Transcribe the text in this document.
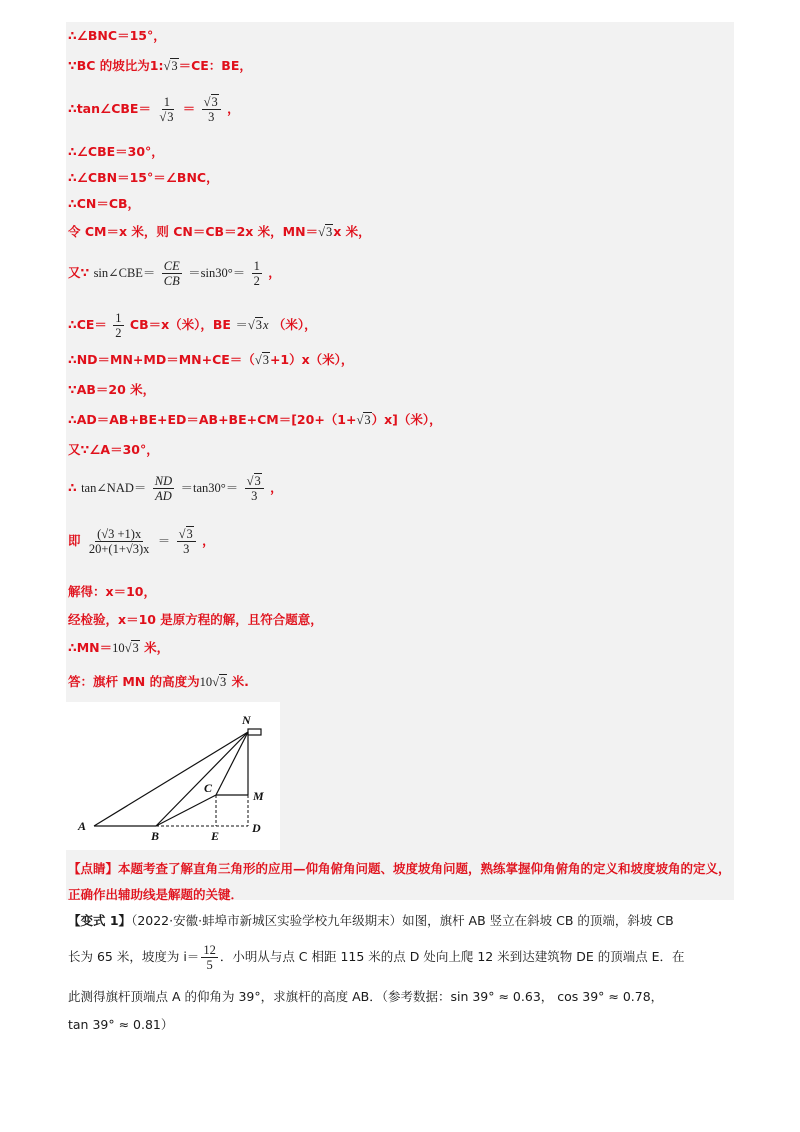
∴∠BNC＝15°，
∵BC 的坡比为1:√3＝CE：BE，
∴tan∠CBE＝ $\frac{1}{√3} = \frac{√3}{3}$ ，
∴∠CBE＝30°，
∴∠CBN＝15°＝∠BNC，
∴CN＝CB，
令 CM＝x 米，则 CN＝CB＝2x 米，MN＝√3x 米，
又∵ sin∠CBE＝ $\frac{CE}{CB} =\sin 30^\circ= \frac{1}{2}$ ，
∴CE＝ $\frac{1}{2} CB=x$（米），BE ＝√3x （米），
∴ND＝MN+MD＝MN+CE＝（√3+1）x（米），
∵AB＝20 米，
∴AD＝AB+BE+ED＝AB+BE+CM＝[20+（1+√3）x]（米），
又∵∠A＝30°，
∴ tan∠NAD＝ $\frac{ND}{AD} =\tan 30^\circ= \frac{√3}{3}$ ，
即 $\frac{(√3 +1)x}{20+(1+√3)x} = \frac{√3}{3}$ ，
解得：x＝10，
经检验，x＝10 是原方程的解，且符合题意，
∴MN＝10√3 米，
答：旗杆 MN 的高度为10√3 米.
N
C
M
A
B	E
D
【点睛】本题考查了解直角三角形的应用—仰角俯角问题、坡度坡角问题，熟练掌握仰角俯角的定义和坡度坡角的定义，正确作出辅助线是解题的关键．
【变式 1】（2022·安徽·蚌埠市新城区实验学校九年级期末）如图，旗杆 AB 竖立在斜坡 CB 的顶端，斜坡 CB
长为 65 米，坡度为 $i= \frac{12}{5}$ ．小明从与点 C 相距 115 米的点 D 处向上爬 12 米到达建筑物 DE 的顶端点 E．在
此测得旗杆顶端点 A 的仰角为 39°，求旗杆的高度 AB．（参考数据：sin 39° ≈ 0.63， cos 39° ≈ 0.78，
tan 39° ≈ 0.81）
